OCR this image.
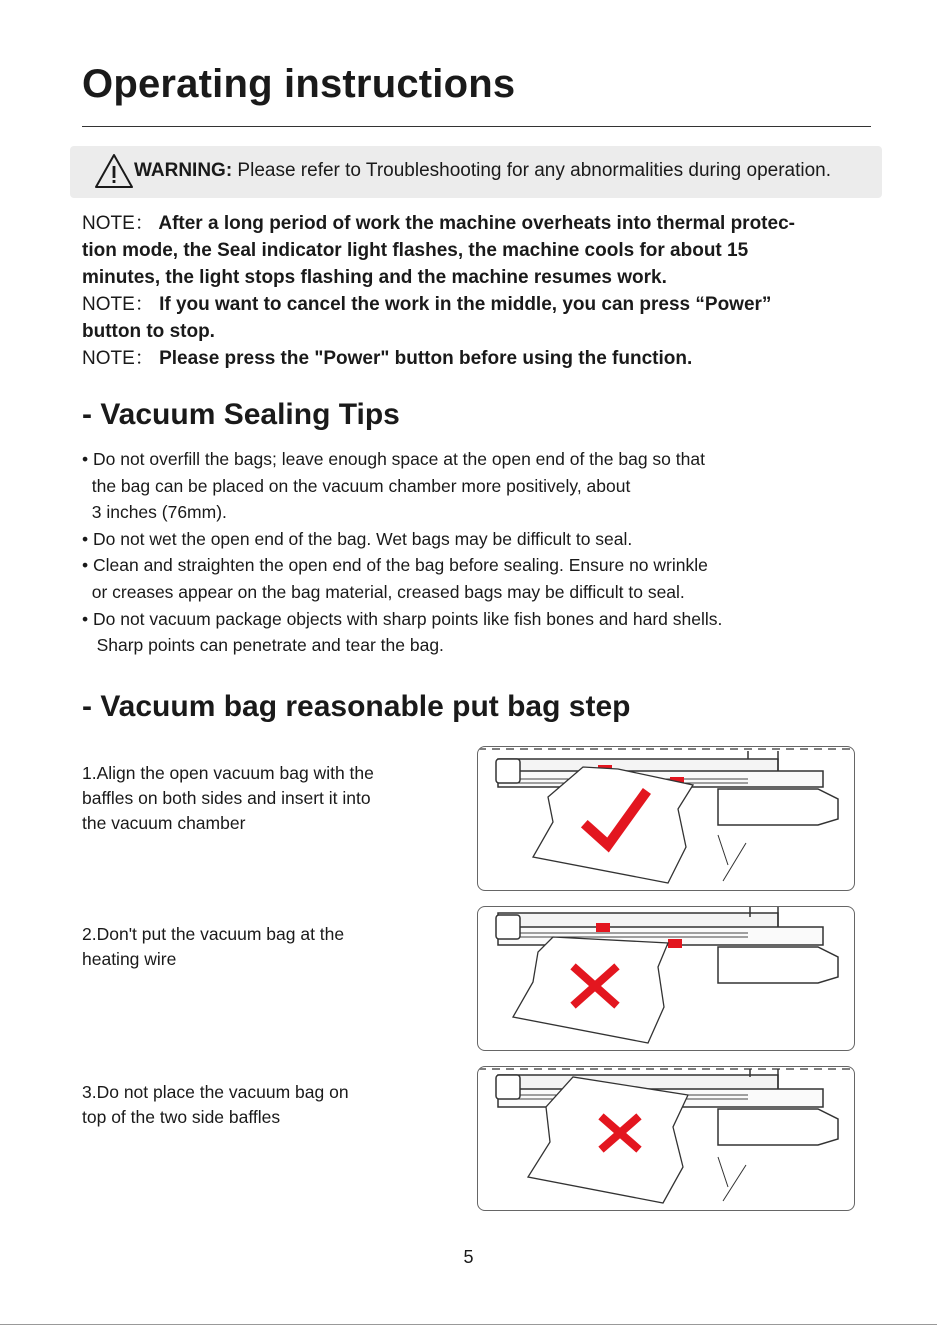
Operating instructions
WARNING: Please refer to Troubleshooting for any abnormalities during operation.
NOTE： After a long period of work the machine overheats into thermal protec-
tion mode, the Seal indicator light flashes, the machine cools for about 15
minutes, the light stops flashing and the machine resumes work.
NOTE： If you want to cancel the work in the middle, you can press “Power”
button to stop.
NOTE： Please press the "Power" button before using the function.
- Vacuum Sealing Tips
• Do not overfill the bags; leave enough space at the open end of the bag so that
the bag can be placed on the vacuum chamber more positively, about
3 inches (76mm).
• Do not wet the open end of the bag. Wet bags may be difficult to seal.
• Clean and straighten the open end of the bag before sealing. Ensure no wrinkle
or creases appear on the bag material, creased bags may be difficult to seal.
• Do not vacuum package objects with sharp points like fish bones and hard shells.
Sharp points can penetrate and tear the bag.
- Vacuum bag reasonable put bag step
1.Align the open vacuum bag with the
baffles on both sides and insert it into
the vacuum chamber
2.Don't put the vacuum bag at the
heating wire
3.Do not place the vacuum bag on
top of the two side baffles
5
